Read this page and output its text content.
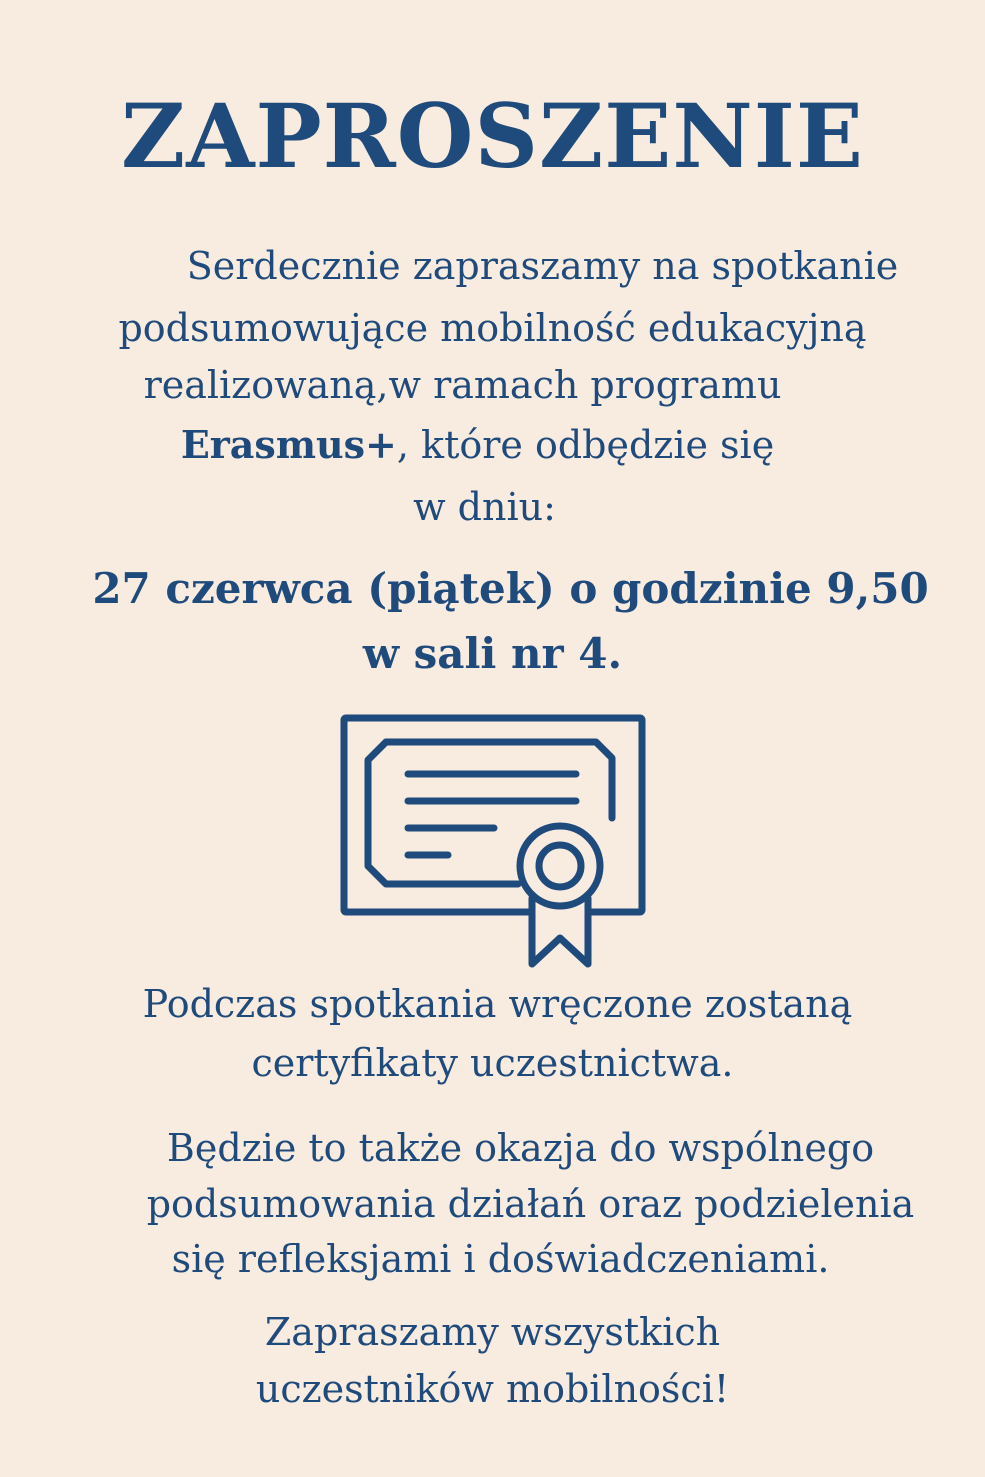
ZAPROSZENIE
Serdecznie zapraszamy na spotkanie
podsumowujące mobilność edukacyjną
realizowaną,w ramach programu
Erasmus+, które odbędzie się
w dniu:
27 czerwca (piątek) o godzinie 9,50
w sali nr 4.
Podczas spotkania wręczone zostaną
certyfikaty uczestnictwa.
Będzie to także okazja do wspólnego
podsumowania działań oraz podzielenia
się refleksjami i doświadczeniami.
Zapraszamy wszystkich
uczestników mobilności!
